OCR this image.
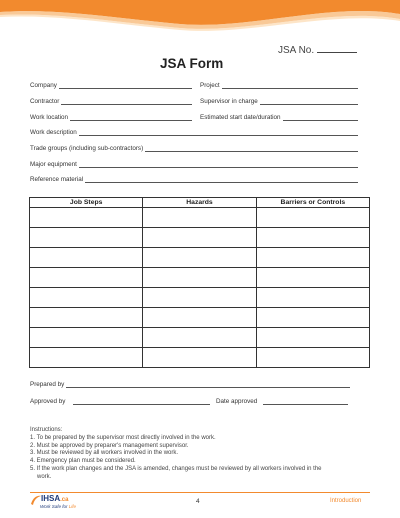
JSA No.
JSA Form
Company	Project
Contractor	Supervisor in charge
Work location	Estimated start date/duration
Work description
Trade groups (including sub-contractors)
Major equipment
Reference material
Job Steps	Hazards	Barriers or Controls

Prepared by
Approved by	Date approved
Instructions:
1. To be prepared by the supervisor most directly involved in the work.
2. Must be approved by preparer's management supervisor.
3. Must be reviewed by all workers involved in the work.
4. Emergency plan must be considered.
5. If the work plan changes and the JSA is amended, changes must be reviewed by all workers involved in the work.
IHSA.ca
Work Safe for Life
4	Introduction
